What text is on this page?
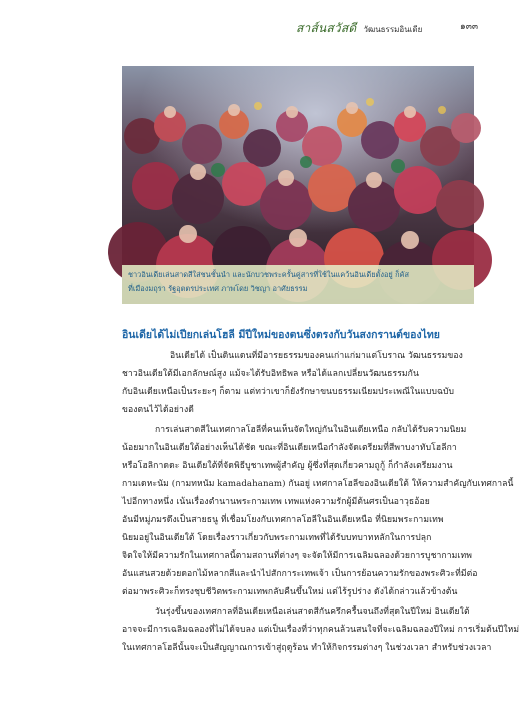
สาส์นสวัสดี วัฒนธรรมอินเดีย	๑๓๓
ชาวอินเดียเล่นสาดสีใส่ชนชั้นนำ และนักบวชพระครั้นคู่สารที่ใช้ในแคว้นอินเดียตั้งอยู่ ก็คัส
ที่เมืองมถุรา รัฐอุตตรประเทศ ภาพโดย วิชญา อาศัยธรรม
อินเดียได้ไม่เปียกเล่นโฮลี มีปีใหม่ของตนซึ่งตรงกับวันสงกรานต์ของไทย
อินเดียได้ เป็นดินแดนที่มีอารยธรรมของคนเก่าแก่มาแต่โบราณ วัฒนธรรมของ
ชาวอินเดียใต้มีเอกลักษณ์สูง แม้จะได้รับอิทธิพล หรือได้แลกเปลี่ยนวัฒนธรรมกัน
กับอินเดียเหนือเป็นระยะๆ ก็ตาม แต่ทว่าเขาก็ยังรักษาขนบธรรมเนียมประเพณีในแบบฉบับ
ของตนไว้ได้อย่างดี
การเล่นสาดสีในเทศกาลโฮลีที่คนเห็นจัดใหญ่กันในอินเดียเหนือ กลับได้รับความนิยม
น้อยมากในอินเดียใต้อย่างเห็นได้ชัด ขณะที่อินเดียเหนือกำลังจัดเตรียมที่สีพาบงาทับโฮลีกา
หรือโฮลิกาดดะ อินเดียใต้ที่จัดพิธีบูชาเทพผู้สำคัญ ผู้ซึ่งที่สุดเกี่ยวคามถูกู้ ก็กำลังเตรียมงาน
กามเดหะนัม (กามทหนัม kamadahanam) กันอยู่ เทศกาลโฮลีของอินเดียใต้ ให้ความสำคัญกับเทศกาลนี้
ไปอีกทางหนึ่ง เน้นเรื่องตำนานพระกามเทพ เทพแห่งความรักผู้มีต้นศรเป็นอาวุธอ้อย
อันมีหมู่ภมรดึงเป็นสายธนู ที่เชื่อมโยงกับเทศกาลโฮลีในอินเดียเหนือ ที่นิยมพระกามเทพ
นิยมอยู่ในอินเดียใต้ โดยเรื่องราวเกี่ยวกับพระกามเทพที่ได้รับบทบาทหลักในการปลุก
จิตใจให้มีความรักในเทศกาลนี้ตามสถานที่ต่างๆ จะจัดให้มีการเฉลิมฉลองด้วยการบูชากามเทพ
อันแสนสวยด้วยดอกไม้หลากสีและนำไปสักการะเทพเจ้า เป็นการย้อนความรักของพระศิวะที่มีต่อ
ต่อมาพระศิวะก็ทรงชุบชีวิตพระกามเทพกลับคืนขึ้นใหม่ แต่ไร้รูปร่าง ดังได้กล่าวแล้วข้างต้น
วันรุ่งขึ้นของเทศกาลที่อินเดียเหนือเล่นสาดสีกันครึกครื้นจนถึงที่สุดในปีใหม่ อินเดียใต้
อาจจะมีการเฉลิมฉลองที่ไม่ได้จบลง แต่เป็นเรื่องที่ว่าทุกคนล้วนสนใจที่จะเฉลิมฉลองปีใหม่ การเริ่มต้นปีใหม่
ในเทศกาลโฮลีนั้นจะเป็นสัญญาณการเข้าสู่ฤดูร้อน ทำให้กิจกรรมต่างๆ ในช่วงเวลา สำหรับช่วงเวลา
